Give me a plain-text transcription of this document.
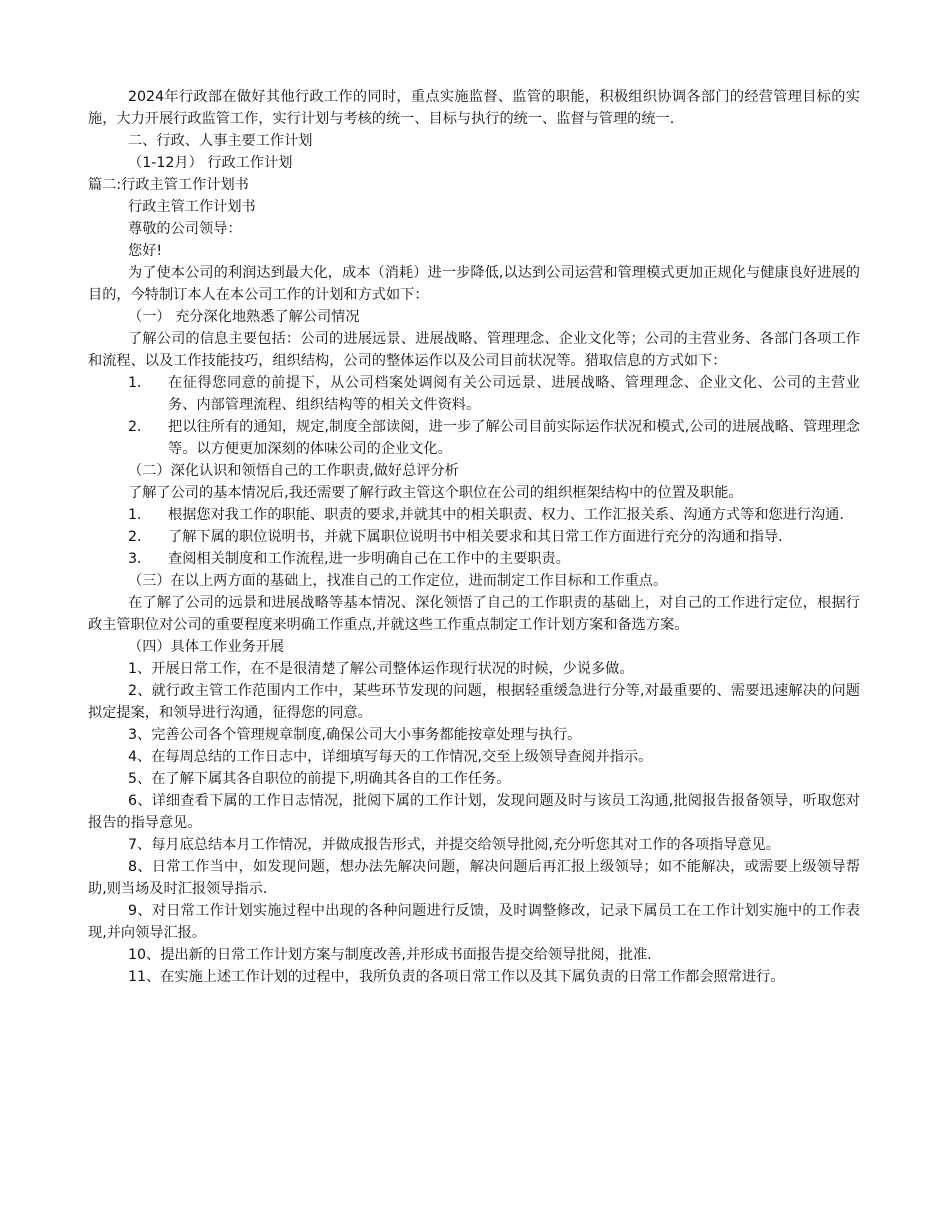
2024年行政部在做好其他行政工作的同时，重点实施监督、监管的职能，积极组织协调各部门的经营管理目标的实施，大力开展行政监管工作，实行计划与考核的统一、目标与执行的统一、监督与管理的统一.
二、行政、人事主要工作计划
（1-12月） 行政工作计划
篇二:行政主管工作计划书
行政主管工作计划书
尊敬的公司领导：
您好!
为了使本公司的利润达到最大化，成本（消耗）进一步降低,以达到公司运营和管理模式更加正规化与健康良好进展的目的，今特制订本人在本公司工作的计划和方式如下：
（一） 充分深化地熟悉了解公司情况
了解公司的信息主要包括：公司的进展远景、进展战略、管理理念、企业文化等；公司的主营业务、各部门各项工作和流程、以及工作技能技巧，组织结构，公司的整体运作以及公司目前状况等。猎取信息的方式如下：
1．	在征得您同意的前提下，从公司档案处调阅有关公司远景、进展战略、管理理念、企业文化、公司的主营业务、内部管理流程、组织结构等的相关文件资料。
2．	把以往所有的通知，规定,制度全部读阅，进一步了解公司目前实际运作状况和模式,公司的进展战略、管理理念等。以方便更加深刻的体味公司的企业文化。
（二）深化认识和领悟自己的工作职责,做好总评分析
了解了公司的基本情况后,我还需要了解行政主管这个职位在公司的组织框架结构中的位置及职能。
1．	根据您对我工作的职能、职责的要求,并就其中的相关职责、权力、工作汇报关系、沟通方式等和您进行沟通.
2．	了解下属的职位说明书，并就下属职位说明书中相关要求和其日常工作方面进行充分的沟通和指导.
3．	查阅相关制度和工作流程,进一步明确自己在工作中的主要职责。
（三）在以上两方面的基础上，找准自己的工作定位，进而制定工作目标和工作重点。
在了解了公司的远景和进展战略等基本情况、深化领悟了自己的工作职责的基础上，对自己的工作进行定位，根据行政主管职位对公司的重要程度来明确工作重点,并就这些工作重点制定工作计划方案和备选方案。
（四）具体工作业务开展
1、开展日常工作，在不是很清楚了解公司整体运作现行状况的时候，少说多做。
2、就行政主管工作范围内工作中，某些环节发现的问题，根据轻重缓急进行分等,对最重要的、需要迅速解决的问题拟定提案，和领导进行沟通，征得您的同意。
3、完善公司各个管理规章制度,确保公司大小事务都能按章处理与执行。
4、在每周总结的工作日志中，详细填写每天的工作情况,交至上级领导查阅并指示。
5、在了解下属其各自职位的前提下,明确其各自的工作任务。
6、详细查看下属的工作日志情况，批阅下属的工作计划，发现问题及时与该员工沟通,批阅报告报备领导，听取您对报告的指导意见。
7、每月底总结本月工作情况，并做成报告形式，并提交给领导批阅,充分听您其对工作的各项指导意见。
8、日常工作当中，如发现问题，想办法先解决问题，解决问题后再汇报上级领导；如不能解决，或需要上级领导帮助,则当场及时汇报领导指示.
9、对日常工作计划实施过程中出现的各种问题进行反馈，及时调整修改，记录下属员工在工作计划实施中的工作表现,并向领导汇报。
10、提出新的日常工作计划方案与制度改善,并形成书面报告提交给领导批阅，批准.
11、在实施上述工作计划的过程中，我所负责的各项日常工作以及其下属负责的日常工作都会照常进行。
